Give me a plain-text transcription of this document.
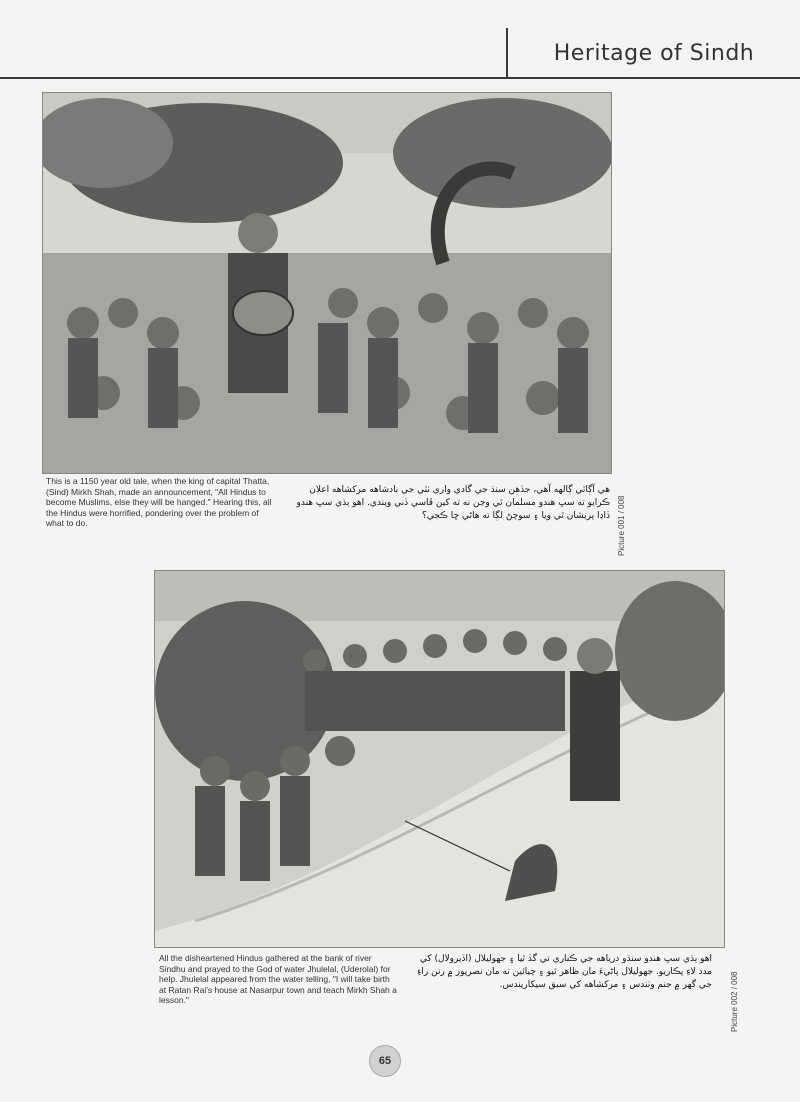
Heritage of Sindh
This is a 1150 year old tale, when the king of capital Thatta, (Sind) Mirkh Shah, made an announcement, "All Hindus to become Muslims, else they will be hanged." Hearing this, all the Hindus were horrified, pondering over the problem of what to do.
هي آڳاٽي ڳالهه آهي، جڏهن سنڌ جي گادي واري ٺٽي جي بادشاهه مرکشاهه اعلان ڪرايو ته سڀ هندو مسلمان ٿي وڃن نه ته کين ڦاسي ڏني ويندي. اهو ٻڌي سڀ هندو ڏاڍا پريشان ٿي ويا ۽ سوچڻ لڳا ته هاڻي ڇا ڪجي؟ Picture 001 / 008
All the disheartened Hindus gathered at the bank of river Sindhu and prayed to the God of water Jhulelal, (Uderolal) for help. Jhulelal appeared from the water telling, "I will take birth at Ratan Rai's house at Nasarpur town and teach Mirkh Shah a lesson."
اهو ٻڌي سڀ هندو سنڌو درياهه جي ڪناري تي گڏ ٿيا ۽ جهوليلال (اڏيرولال) کي مدد لاءِ پڪاريو. جهوليلال پاڻيءَ مان ظاهر ٿيو ۽ چيائين ته مان نصرپور ۾ رتن راءِ جي گهر ۾ جنم وٺندس ۽ مرکشاهه کي سبق سيکاريندس. Picture 002 / 008
65
